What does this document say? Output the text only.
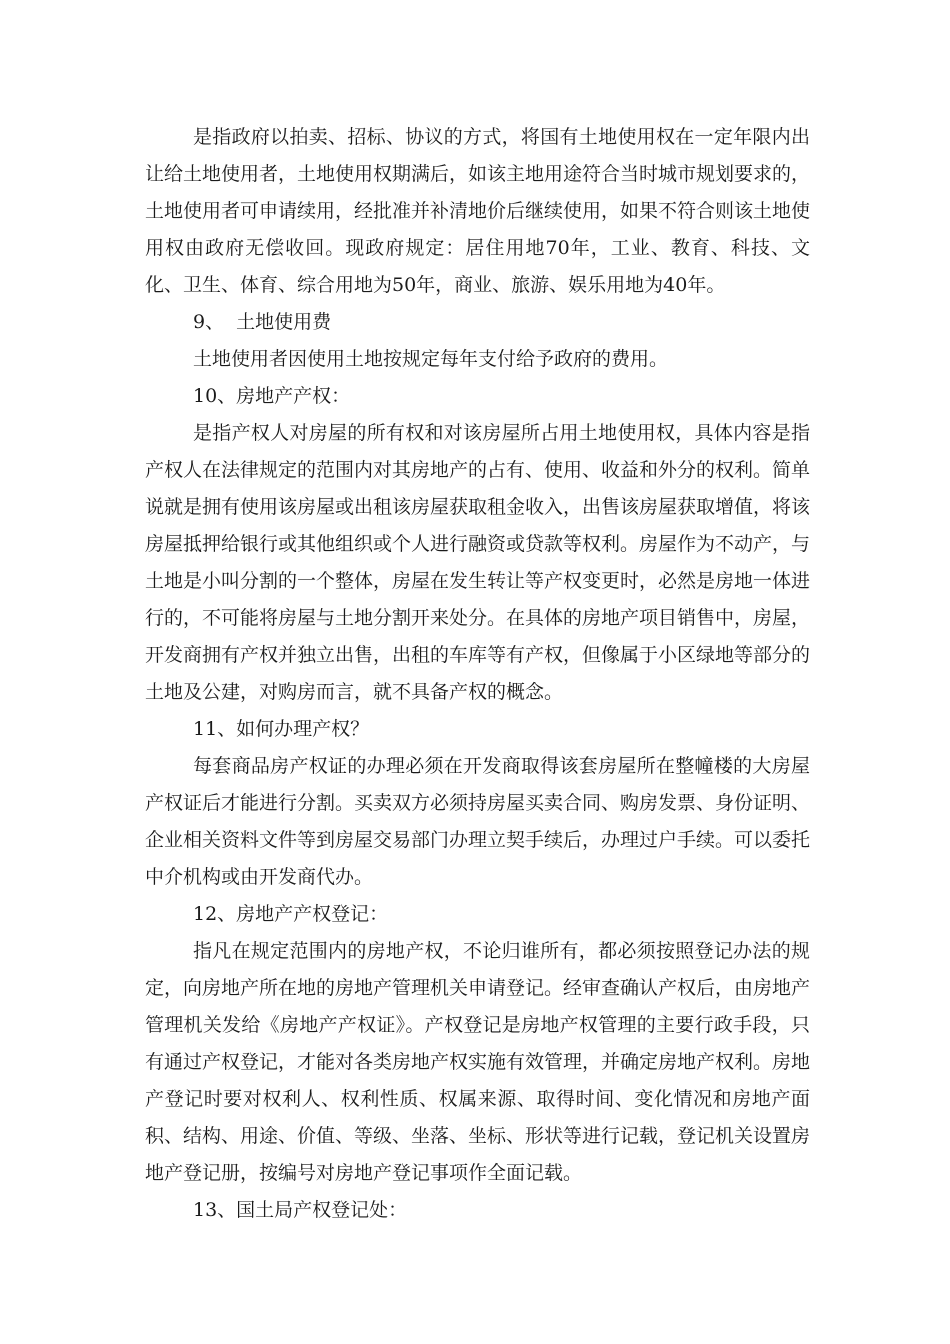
是指政府以拍卖、招标、协议的方式，将国有土地使用权在一定年限内出让给土地使用者，土地使用权期满后，如该主地用途符合当时城市规划要求的，土地使用者可申请续用，经批准并补清地价后继续使用，如果不符合则该土地使用权由政府无偿收回。现政府规定：居住用地70年，工业、教育、科技、文化、卫生、体育、综合用地为50年，商业、旅游、娱乐用地为40年。

9、  土地使用费

土地使用者因使用土地按规定每年支付给予政府的费用。

10、房地产产权：

是指产权人对房屋的所有权和对该房屋所占用土地使用权，具体内容是指产权人在法律规定的范围内对其房地产的占有、使用、收益和外分的权利。简单说就是拥有使用该房屋或出租该房屋获取租金收入，出售该房屋获取增值，将该房屋抵押给银行或其他组织或个人进行融资或贷款等权利。房屋作为不动产，与土地是小叫分割的一个整体，房屋在发生转让等产权变更时，必然是房地一体进行的，不可能将房屋与土地分割开来处分。在具体的房地产项目销售中，房屋，开发商拥有产权并独立出售，出租的车库等有产权，但像属于小区绿地等部分的土地及公建，对购房而言，就不具备产权的概念。

11、如何办理产权？

每套商品房产权证的办理必须在开发商取得该套房屋所在整幢楼的大房屋产权证后才能进行分割。买卖双方必须持房屋买卖合同、购房发票、身份证明、企业相关资料文件等到房屋交易部门办理立契手续后，办理过户手续。可以委托中介机构或由开发商代办。

12、房地产产权登记：

指凡在规定范围内的房地产权，不论归谁所有，都必须按照登记办法的规定，向房地产所在地的房地产管理机关申请登记。经审查确认产权后，由房地产管理机关发给《房地产产权证》。产权登记是房地产权管理的主要行政手段，只有通过产权登记，才能对各类房地产权实施有效管理，并确定房地产权利。房地产登记时要对权利人、权利性质、权属来源、取得时间、变化情况和房地产面积、结构、用途、价值、等级、坐落、坐标、形状等进行记载，登记机关设置房地产登记册，按编号对房地产登记事项作全面记载。

13、国土局产权登记处：
